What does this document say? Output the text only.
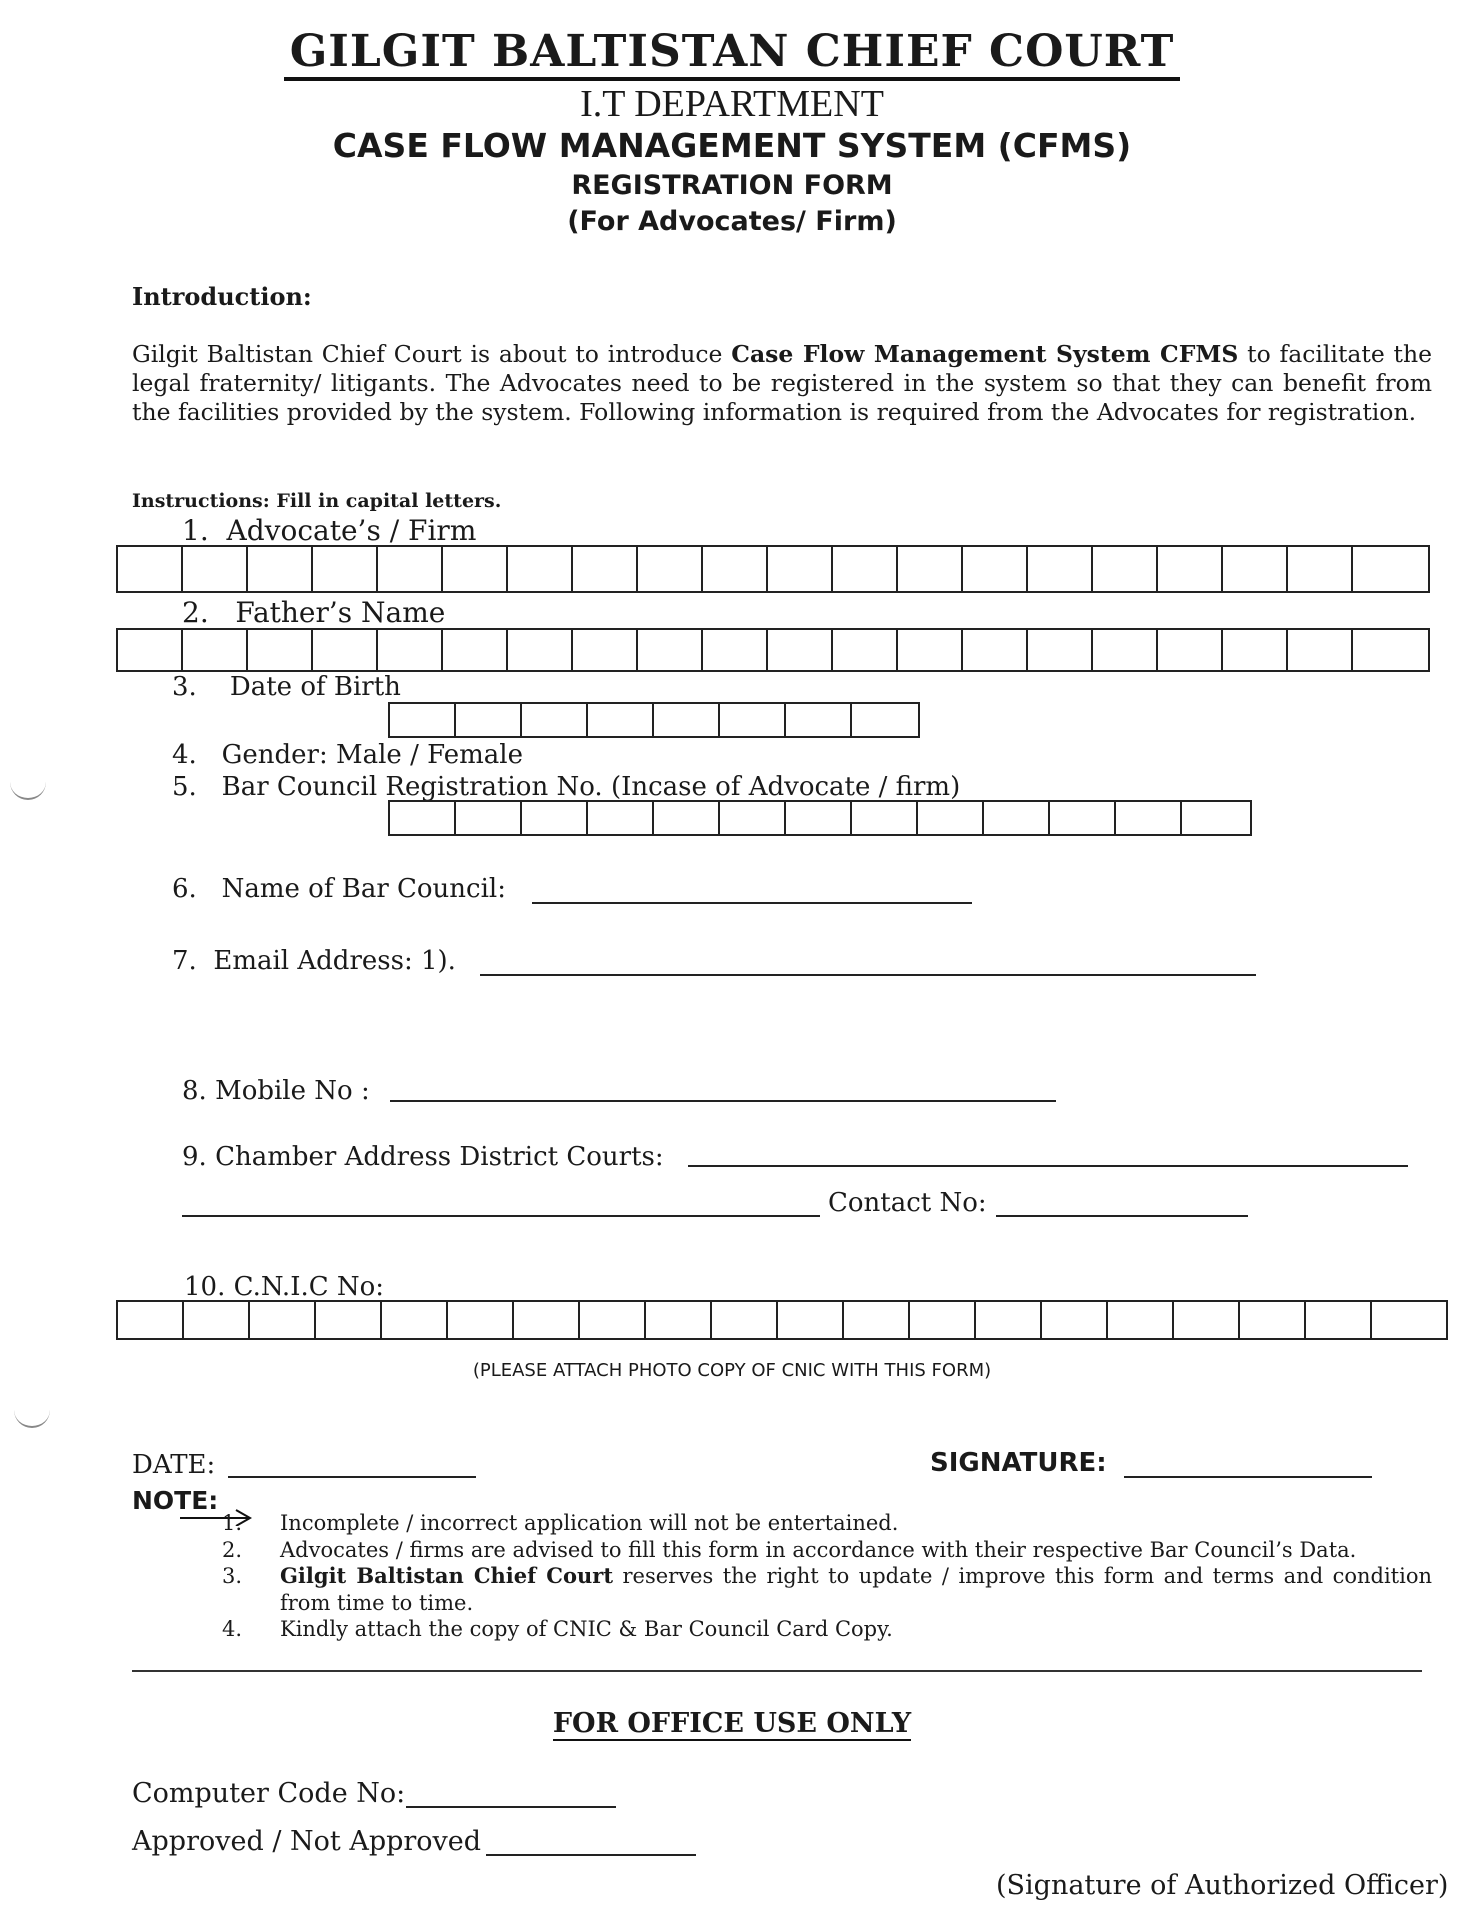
GILGIT BALTISTAN CHIEF COURT
I.T DEPARTMENT
CASE FLOW MANAGEMENT SYSTEM (CFMS)
REGISTRATION FORM
(For Advocates/ Firm)
Introduction:
Gilgit Baltistan Chief Court is about to introduce Case Flow Management System CFMS to facilitate the legal fraternity/ litigants. The Advocates need to be registered in the system so that they can benefit from the facilities provided by the system. Following information is required from the Advocates for registration.
Instructions: Fill in capital letters.
1. Advocate’s / Firm
2. Father’s Name
3. Date of Birth
4. Gender: Male / Female
5. Bar Council Registration No. (Incase of Advocate / firm)
6. Name of Bar Council:
7. Email Address: 1).
8. Mobile No :
9. Chamber Address District Courts:
Contact No:
10. C.N.I.C No:
(PLEASE ATTACH PHOTO COPY OF CNIC WITH THIS FORM)
DATE:	SIGNATURE:
NOTE:
1.	Incomplete / incorrect application will not be entertained.
2.	Advocates / firms are advised to fill this form in accordance with their respective Bar Council’s Data.
3.	Gilgit Baltistan Chief Court reserves the right to update / improve this form and terms and condition from time to time.
4.	Kindly attach the copy of CNIC & Bar Council Card Copy.
FOR OFFICE USE ONLY
Computer Code No:
Approved / Not Approved
(Signature of Authorized Officer)
